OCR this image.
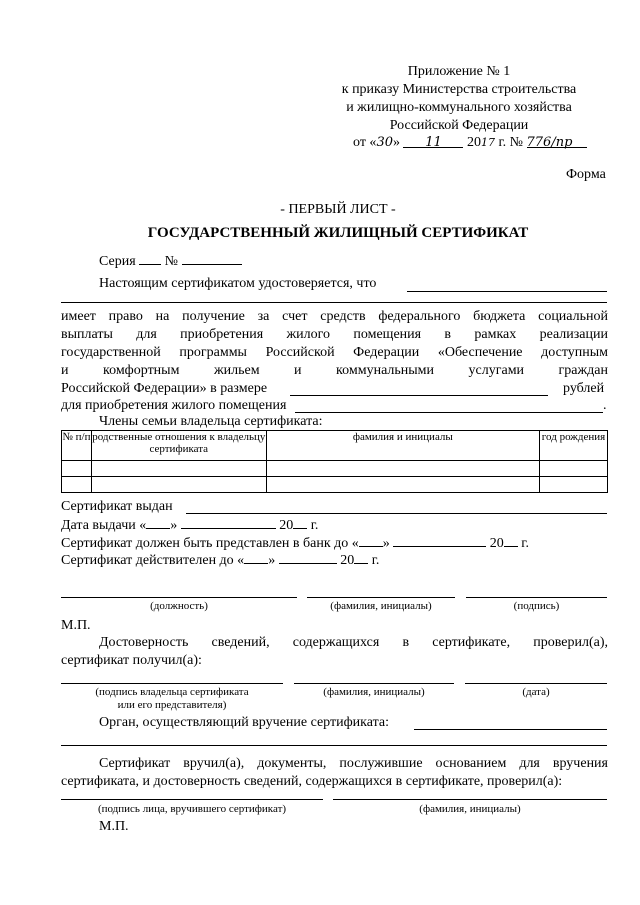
Приложение № 1
к приказу Министерства строительства
и жилищно-коммунального хозяйства
Российской Федерации
от «30» 11 2017 г. № 776/пр
Форма
- ПЕРВЫЙ ЛИСТ -
ГОСУДАРСТВЕННЫЙ ЖИЛИЩНЫЙ СЕРТИФИКАТ
Серия №
Настоящим сертификатом удостоверяется, что
имеет право на получение за счет средств федерального бюджета социальной
выплаты для приобретения жилого помещения в рамках реализации
государственной программы Российской Федерации «Обеспечение доступным
и комфортным жильем и коммунальными услугами граждан
Российской Федерации» в размере	рублей
для приобретения жилого помещения	.
Члены семьи владельца сертификата:
№ п/п	родственные отношения к владельцу сертификата	фамилия и инициалы	год рождения

Сертификат выдан
Дата выдачи « »	20 г.
Сертификат должен быть представлен в банк до « »	20 г.
Сертификат действителен до « »	20 г.
(должность)	(фамилия, инициалы)	(подпись)
М.П.
Достоверность сведений, содержащихся в сертификате, проверил(а),
сертификат получил(а):
(подпись владельца сертификата
или его представителя)
(фамилия, инициалы)	(дата)
Орган, осуществляющий вручение сертификата:
Сертификат вручил(а), документы, послужившие основанием для вручения
сертификата, и достоверность сведений, содержащихся в сертификате, проверил(а):
(подпись лица, вручившего сертификат)	(фамилия, инициалы)
М.П.
